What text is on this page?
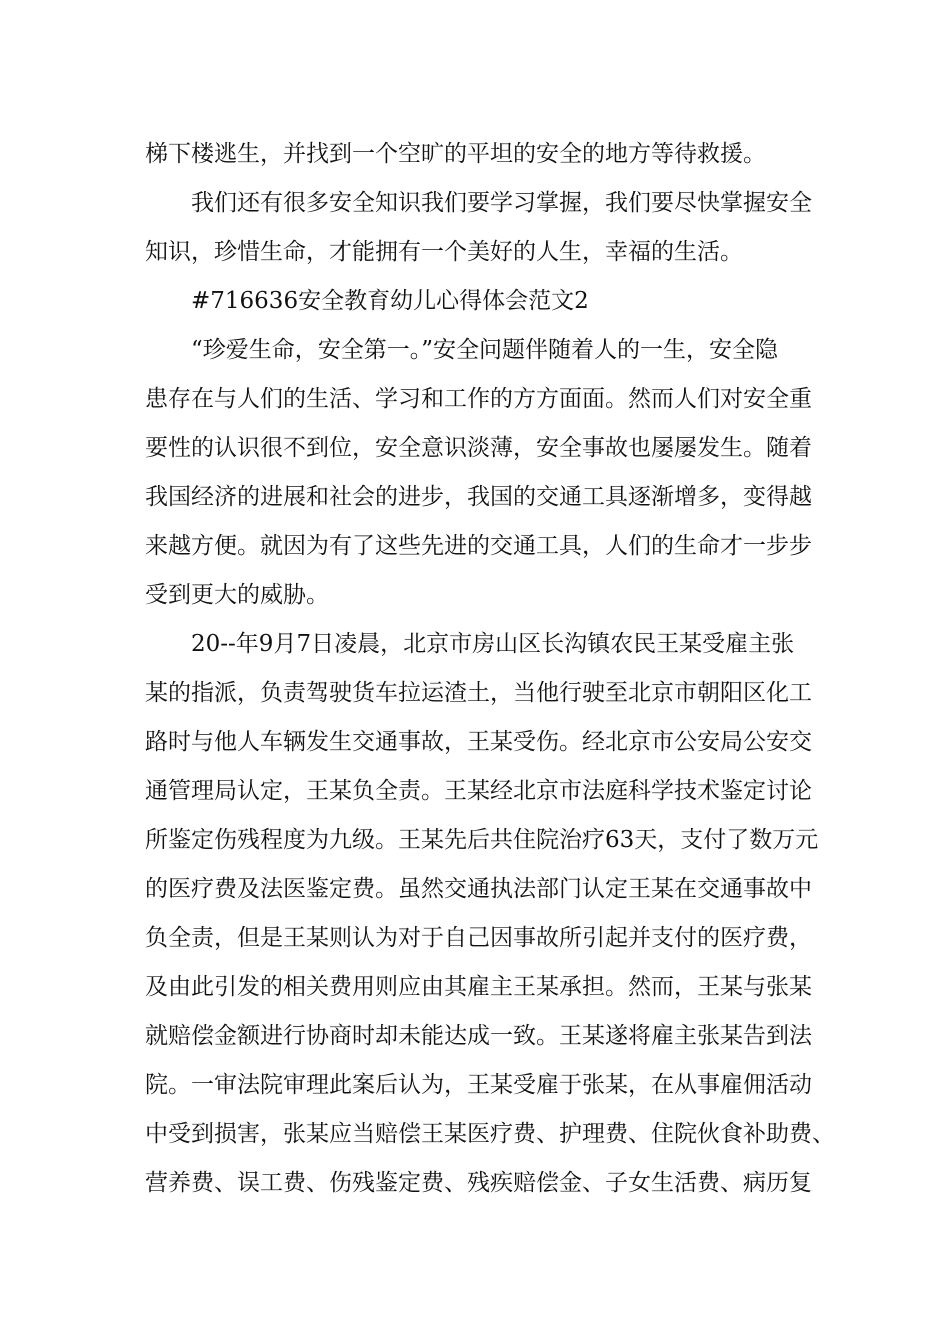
梯下楼逃生，并找到一个空旷的平坦的安全的地方等待救援。
我们还有很多安全知识我们要学习掌握，我们要尽快掌握安全
知识，珍惜生命，才能拥有一个美好的人生，幸福的生活。
#716636安全教育幼儿心得体会范文2
“珍爱生命，安全第一。”安全问题伴随着人的一生，安全隐
患存在与人们的生活、学习和工作的方方面面。然而人们对安全重
要性的认识很不到位，安全意识淡薄，安全事故也屡屡发生。随着
我国经济的进展和社会的进步，我国的交通工具逐渐增多，变得越
来越方便。就因为有了这些先进的交通工具，人们的生命才一步步
受到更大的威胁。
20--年9月7日凌晨，北京市房山区长沟镇农民王某受雇主张
某的指派，负责驾驶货车拉运渣土，当他行驶至北京市朝阳区化工
路时与他人车辆发生交通事故，王某受伤。经北京市公安局公安交
通管理局认定，王某负全责。王某经北京市法庭科学技术鉴定讨论
所鉴定伤残程度为九级。王某先后共住院治疗63天，支付了数万元
的医疗费及法医鉴定费。虽然交通执法部门认定王某在交通事故中
负全责，但是王某则认为对于自己因事故所引起并支付的医疗费，
及由此引发的相关费用则应由其雇主王某承担。然而，王某与张某
就赔偿金额进行协商时却未能达成一致。王某遂将雇主张某告到法
院。一审法院审理此案后认为，王某受雇于张某，在从事雇佣活动
中受到损害，张某应当赔偿王某医疗费、护理费、住院伙食补助费、
营养费、误工费、伤残鉴定费、残疾赔偿金、子女生活费、病历复
